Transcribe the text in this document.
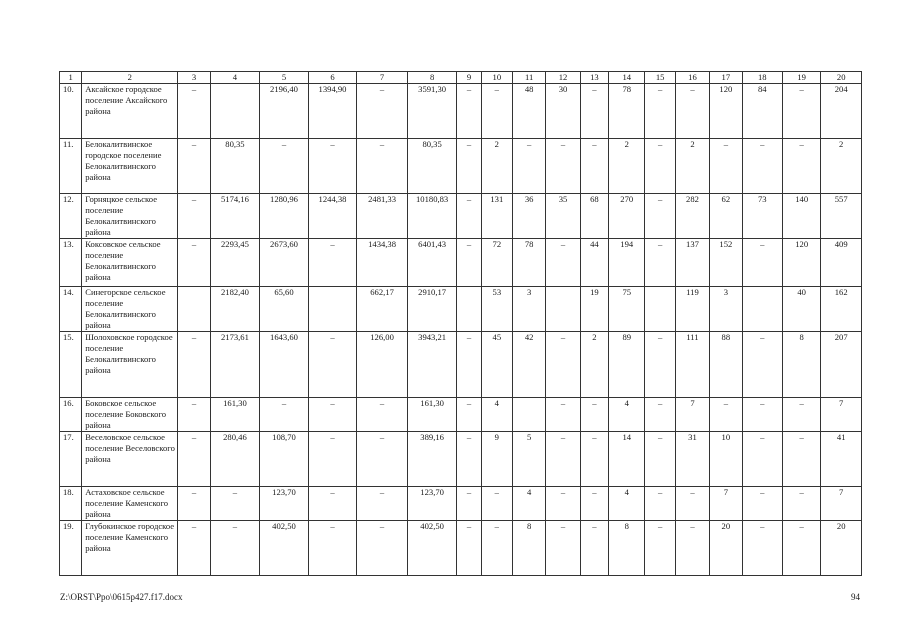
1	2	3	4	5	6	7	8	9	10	11	12	13	14	15	16	17	18	19	20
10.	Аксайское городское поселение Аксайского района	–		2196,40	1394,90	–	3591,30	–	–	48	30	–	78	–	–	120	84	–	204
11.	Белокалитвинское городское поселение Белокалитвинского района	–	80,35	–	–	–	80,35	–	2	–	–	–	2	–	2	–	–	–	2
12.	Горняцкое сельское поселение Белокалитвинского района	–	5174,16	1280,96	1244,38	2481,33	10180,83	–	131	36	35	68	270	–	282	62	73	140	557
13.	Коксовское сельское поселение Белокалитвинского района	–	2293,45	2673,60	–	1434,38	6401,43	–	72	78	–	44	194	–	137	152	–	120	409
14.	Синегорское сельское поселение Белокалитвинского района		2182,40	65,60		662,17	2910,17		53	3		19	75		119	3		40	162
15.	Шолоховское городское поселение Белокалитвинского района	–	2173,61	1643,60	–	126,00	3943,21	–	45	42	–	2	89	–	111	88	–	8	207
16.	Боковское сельское поселение Боковского района	–	161,30	–	–	–	161,30	–	4		–	–	4	–	7	–	–	–	7
17.	Веселовское сельское поселение Веселовского района	–	280,46	108,70	–	–	389,16	–	9	5	–	–	14	–	31	10	–	–	41
18.	Астаховское сельское поселение Каменского района	–	–	123,70	–	–	123,70	–	–	4	–	–	4	–	–	7	–	–	7
19.	Глубокинское городское поселение Каменского района	–	–	402,50	–	–	402,50	–	–	8	–	–	8	–	–	20	–	–	20
Z:\ORST\Ppo\0615p427.f17.docx	94
